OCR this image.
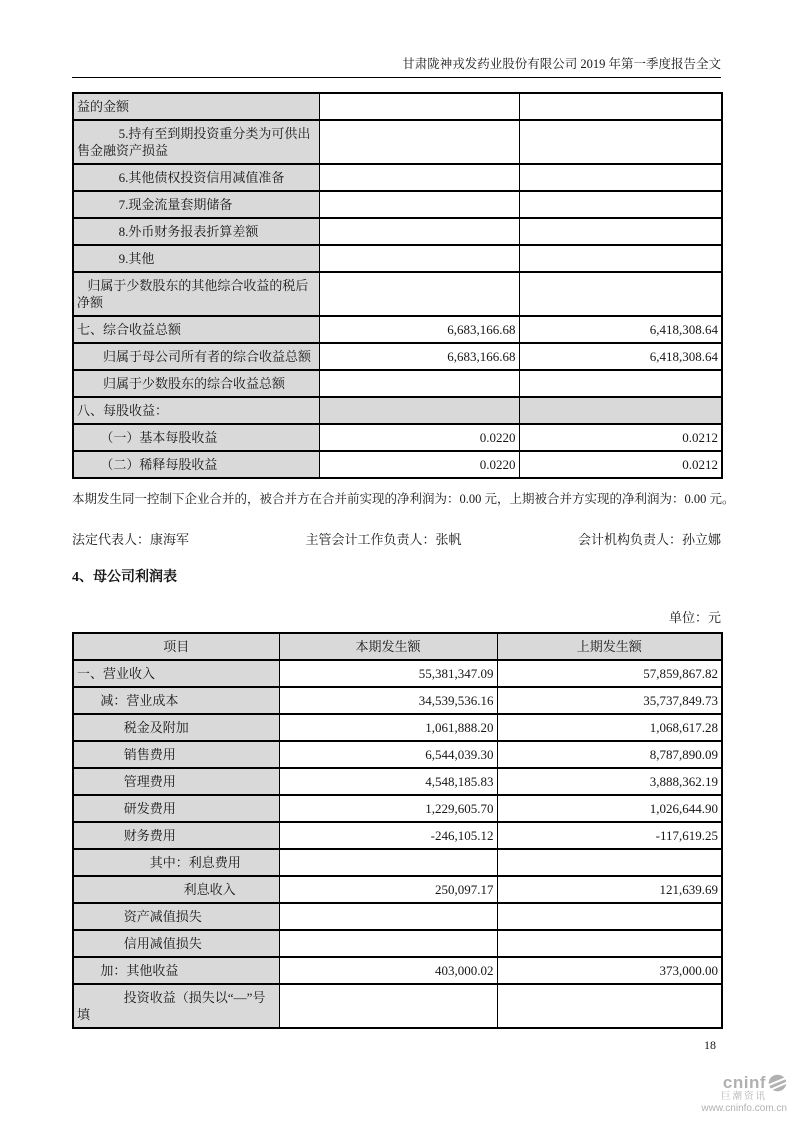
甘肃陇神戎发药业股份有限公司 2019 年第一季度报告全文
益的金额		
5.持有至到期投资重分类为可供出售金融资产损益		
6.其他债权投资信用减值准备		
7.现金流量套期储备		
8.外币财务报表折算差额		
9.其他		
归属于少数股东的其他综合收益的税后净额		
七、综合收益总额	6,683,166.68	6,418,308.64
归属于母公司所有者的综合收益总额	6,683,166.68	6,418,308.64
归属于少数股东的综合收益总额		
八、每股收益：		
（一）基本每股收益	0.0220	0.0212
（二）稀释每股收益	0.0220	0.0212
本期发生同一控制下企业合并的，被合并方在合并前实现的净利润为：0.00 元，上期被合并方实现的净利润为：0.00 元。
法定代表人：康海军	主管会计工作负责人：张帆	会计机构负责人：孙立娜
4、母公司利润表
单位：元
项目	本期发生额	上期发生额
一、营业收入	55,381,347.09	57,859,867.82
减：营业成本	34,539,536.16	35,737,849.73
税金及附加	1,061,888.20	1,068,617.28
销售费用	6,544,039.30	8,787,890.09
管理费用	4,548,185.83	3,888,362.19
研发费用	1,229,605.70	1,026,644.90
财务费用	-246,105.12	-117,619.25
其中：利息费用		
利息收入	250,097.17	121,639.69
资产减值损失		
信用减值损失		
加：其他收益	403,000.02	373,000.00
投资收益（损失以“—”号填		
18
cninf
巨潮资讯
www.cninfo.com.cn
